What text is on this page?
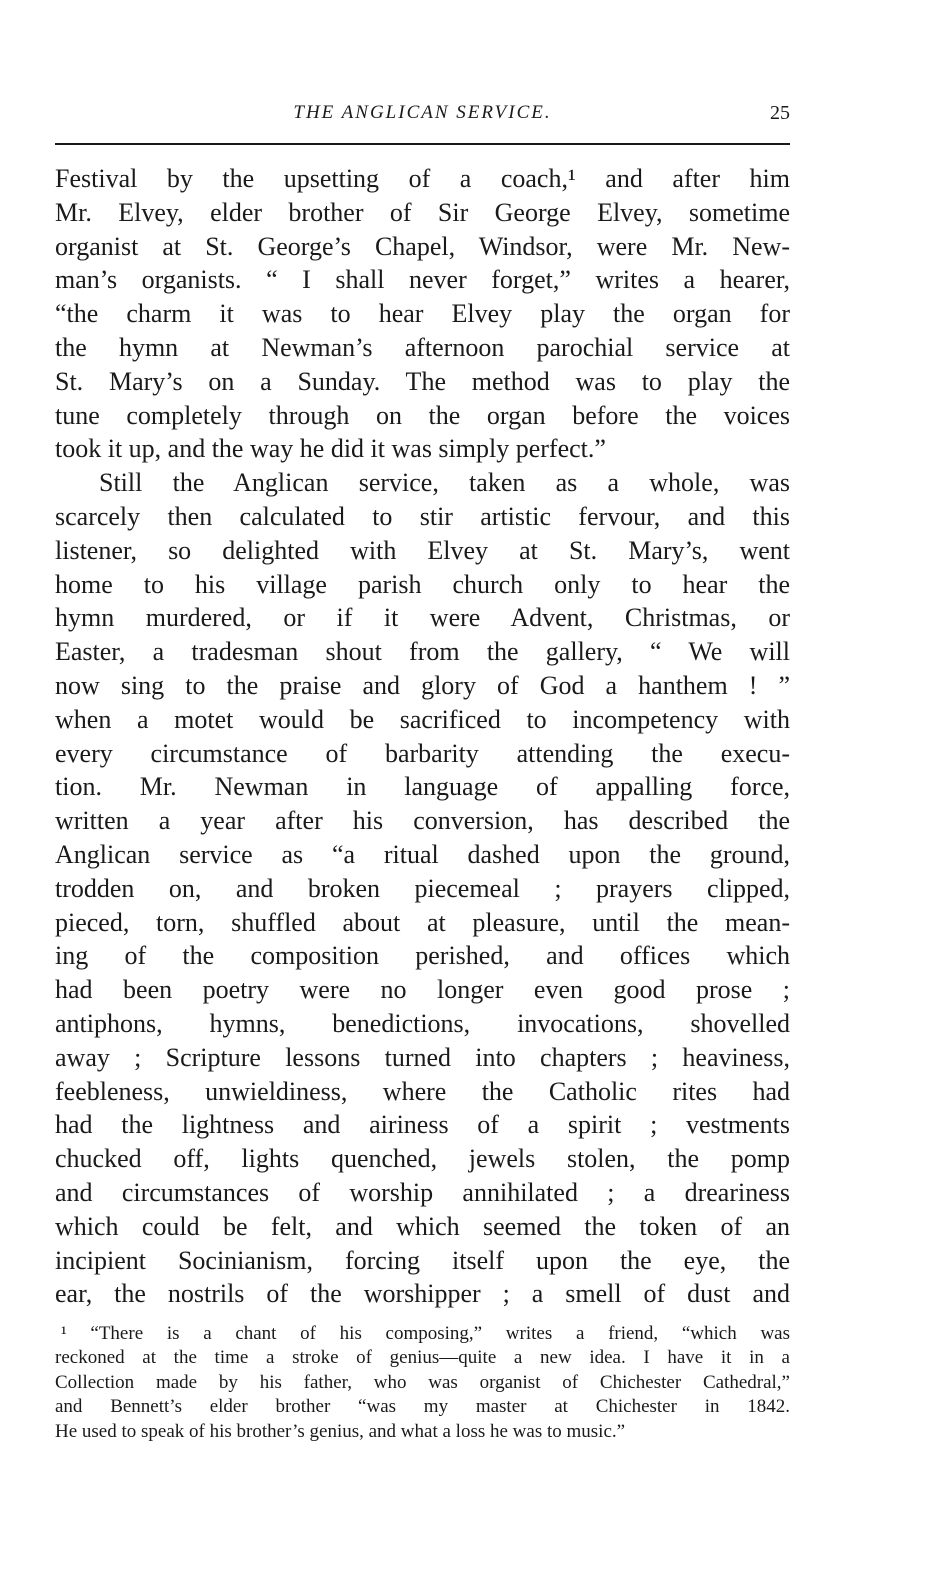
THE ANGLICAN SERVICE.	25
Festival by the upsetting of a coach,¹ and after him
Mr. Elvey, elder brother of Sir George Elvey, sometime
organist at St. George’s Chapel, Windsor, were Mr. New-
man’s organists. “ I shall never forget,” writes a hearer,
“the charm it was to hear Elvey play the organ for
the hymn at Newman’s afternoon parochial service at
St. Mary’s on a Sunday. The method was to play the
tune completely through on the organ before the voices
took it up, and the way he did it was simply perfect.”
Still the Anglican service, taken as a whole, was
scarcely then calculated to stir artistic fervour, and this
listener, so delighted with Elvey at St. Mary’s, went
home to his village parish church only to hear the
hymn murdered, or if it were Advent, Christmas, or
Easter, a tradesman shout from the gallery, “ We will
now sing to the praise and glory of God a hanthem ! ”
when a motet would be sacrificed to incompetency with
every circumstance of barbarity attending the execu-
tion. Mr. Newman in language of appalling force,
written a year after his conversion, has described the
Anglican service as “a ritual dashed upon the ground,
trodden on, and broken piecemeal ; prayers clipped,
pieced, torn, shuffled about at pleasure, until the mean-
ing of the composition perished, and offices which
had been poetry were no longer even good prose ;
antiphons, hymns, benedictions, invocations, shovelled
away ; Scripture lessons turned into chapters ; heaviness,
feebleness, unwieldiness, where the Catholic rites had
had the lightness and airiness of a spirit ; vestments
chucked off, lights quenched, jewels stolen, the pomp
and circumstances of worship annihilated ; a dreariness
which could be felt, and which seemed the token of an
incipient Socinianism, forcing itself upon the eye, the
ear, the nostrils of the worshipper ; a smell of dust and
¹ “There is a chant of his composing,” writes a friend, “which was
reckoned at the time a stroke of genius—quite a new idea. I have it in a
Collection made by his father, who was organist of Chichester Cathedral,”
and Bennett’s elder brother “was my master at Chichester in 1842.
He used to speak of his brother’s genius, and what a loss he was to music.”
